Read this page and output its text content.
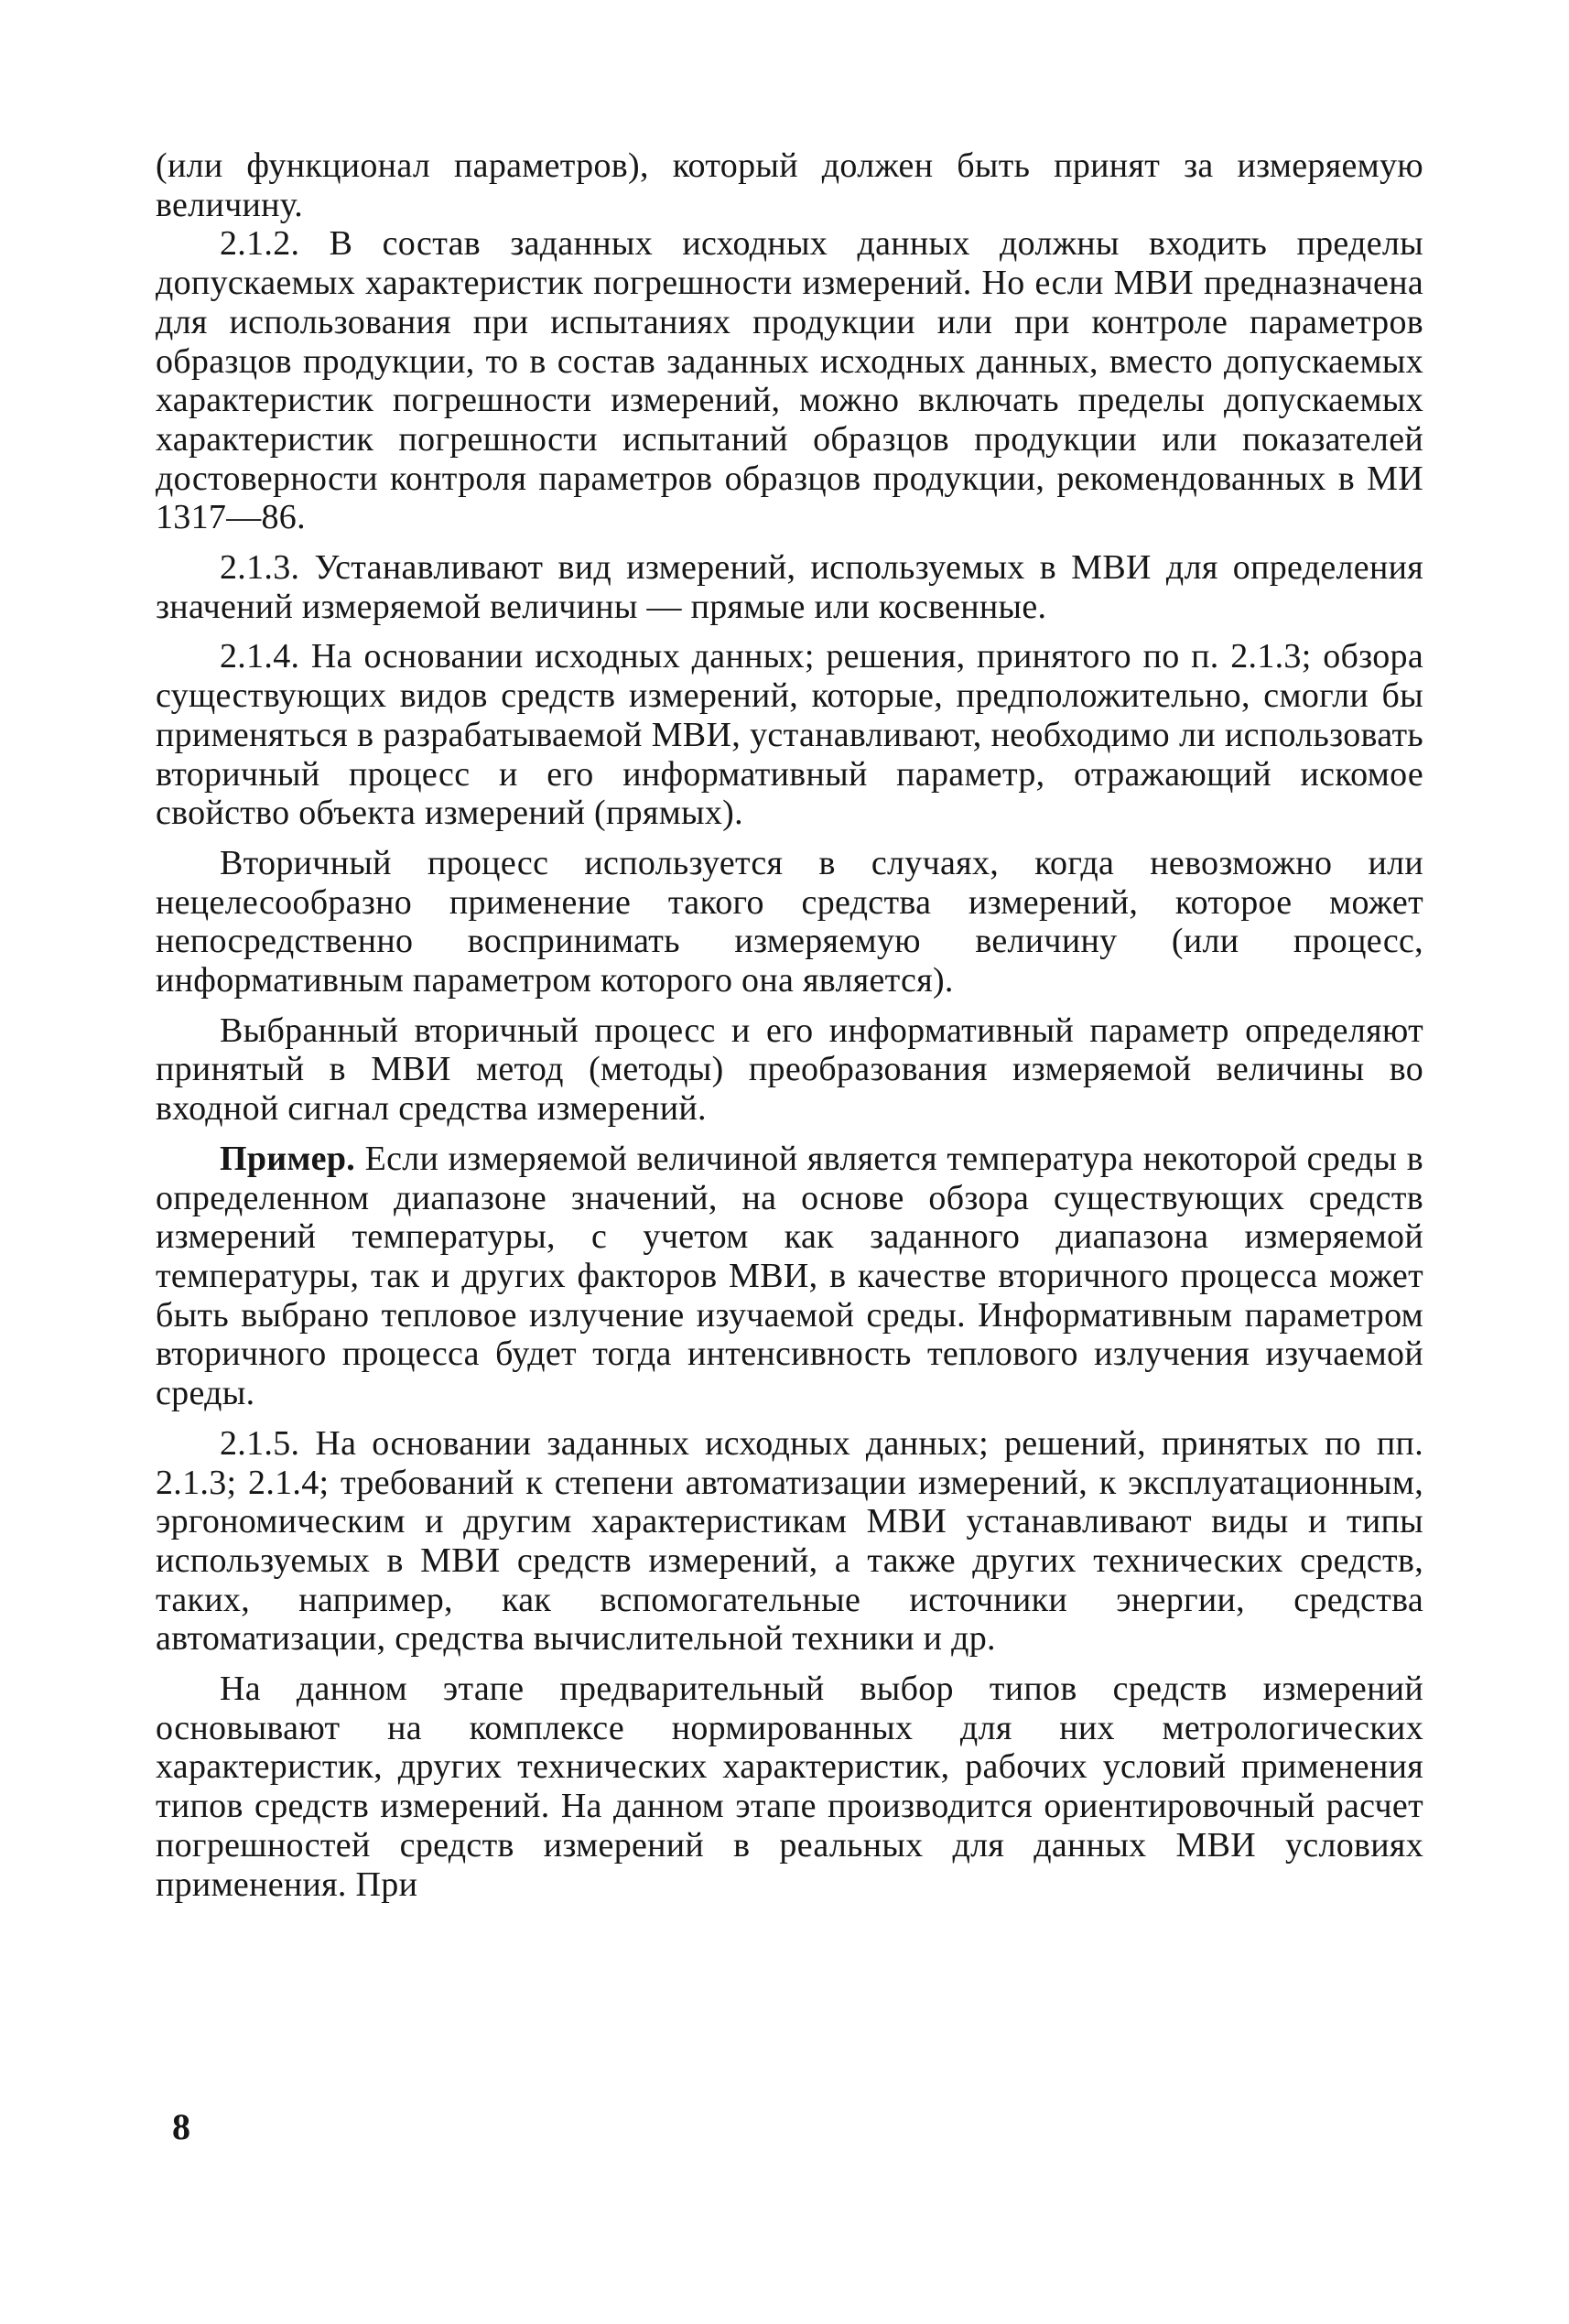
(или функционал параметров), который должен быть принят за измеряемую величину.

2.1.2. В состав заданных исходных данных должны входить пределы допускаемых характеристик погрешности измерений. Но если МВИ предназначена для использования при испытаниях продукции или при контроле параметров образцов продукции, то в состав заданных исходных данных, вместо допускаемых характеристик погрешности измерений, можно включать пределы допускаемых характеристик погрешности испытаний образцов продукции или показателей достоверности контроля параметров образцов продукции, рекомендованных в МИ 1317—86.

2.1.3. Устанавливают вид измерений, используемых в МВИ для определения значений измеряемой величины — прямые или косвенные.

2.1.4. На основании исходных данных; решения, принятого по п. 2.1.3; обзора существующих видов средств измерений, которые, предположительно, смогли бы применяться в разрабатываемой МВИ, устанавливают, необходимо ли использовать вторичный процесс и его информативный параметр, отражающий искомое свойство объекта измерений (прямых).

Вторичный процесс используется в случаях, когда невозможно или нецелесообразно применение такого средства измерений, которое может непосредственно воспринимать измеряемую величину (или процесс, информативным параметром которого она является).

Выбранный вторичный процесс и его информативный параметр определяют принятый в МВИ метод (методы) преобразования измеряемой величины во входной сигнал средства измерений.

Пример. Если измеряемой величиной является температура некоторой среды в определенном диапазоне значений, на основе обзора существующих средств измерений температуры, с учетом как заданного диапазона измеряемой температуры, так и других факторов МВИ, в качестве вторичного процесса может быть выбрано тепловое излучение изучаемой среды. Информативным параметром вторичного процесса будет тогда интенсивность теплового излучения изучаемой среды.

2.1.5. На основании заданных исходных данных; решений, принятых по пп. 2.1.3; 2.1.4; требований к степени автоматизации измерений, к эксплуатационным, эргономическим и другим характеристикам МВИ устанавливают виды и типы используемых в МВИ средств измерений, а также других технических средств, таких, например, как вспомогательные источники энергии, средства автоматизации, средства вычислительной техники и др.

На данном этапе предварительный выбор типов средств измерений основывают на комплексе нормированных для них метрологических характеристик, других технических характеристик, рабочих условий применения типов средств измерений. На данном этапе производится ориентировочный расчет погрешностей средств измерений в реальных для данных МВИ условиях применения. При

8
